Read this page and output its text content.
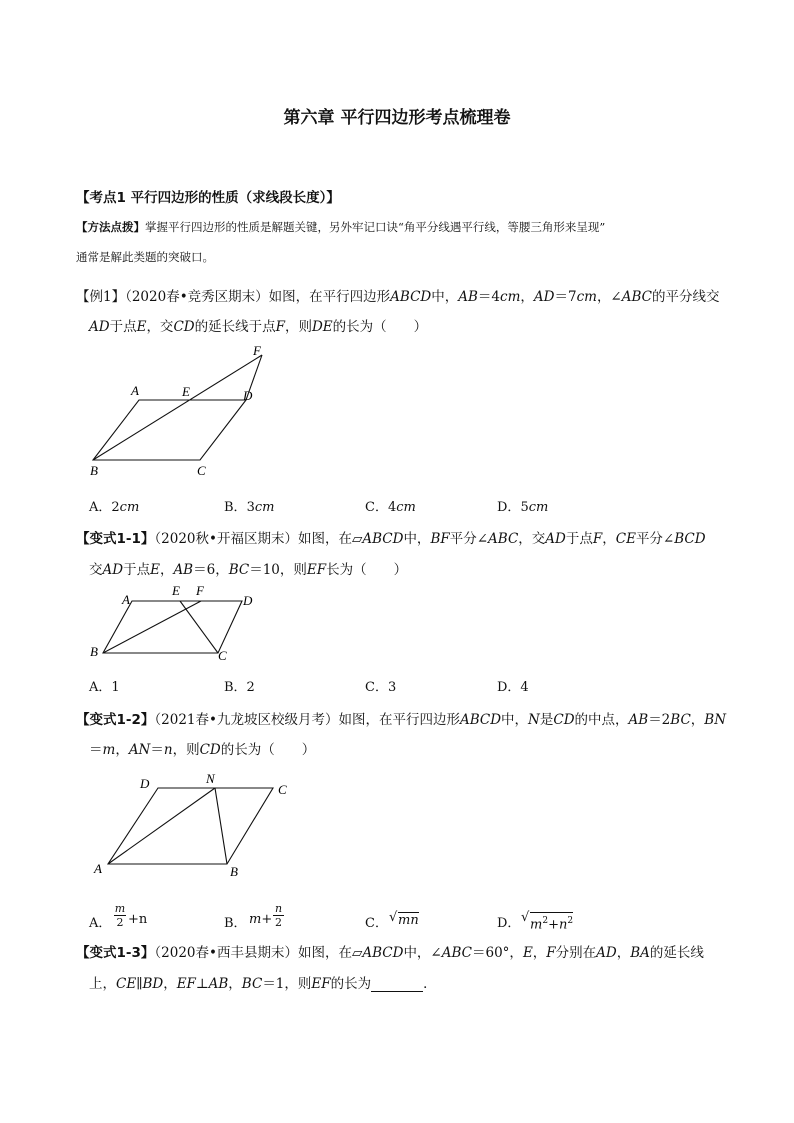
第六章 平行四边形考点梳理卷
【考点1 平行四边形的性质（求线段长度）】
【方法点拨】掌握平行四边形的性质是解题关键，另外牢记口诀“角平分线遇平行线，等腰三角形来呈现”
通常是解此类题的突破口。
【例1】（2020春•竞秀区期末）如图，在平行四边形ABCD中，AB＝4cm，AD＝7cm，∠ABC的平分线交
AD于点E，交CD的延长线于点F，则DE的长为（　　）
A	E	D
F
B	C
A．2cm	B．3cm	C．4cm	D．5cm
【变式1-1】（2020秋•开福区期末）如图，在▱ABCD中，BF平分∠ABC，交AD于点F，CE平分∠BCD
交AD于点E，AB＝6，BC＝10，则EF长为（　　）
A
E F
D
B	C
A．1	B．2	C．3	D．4
【变式1-2】（2021春•九龙坡区校级月考）如图，在平行四边形ABCD中，N是CD的中点，AB＝2BC，BN
＝m，AN＝n，则CD的长为（　　）
D	N
C
A	B
A． $\frac{m}{2} +n$	B． $m+ \frac{n}{2}$	C． √ mn	D． √ $m^2+n^2$
【变式1-3】（2020春•西丰县期末）如图，在▱ABCD中，∠ABC＝60°，E，F分别在AD，BA的延长线
上，CE∥BD，EF⊥AB，BC＝1，则EF的长为	．
